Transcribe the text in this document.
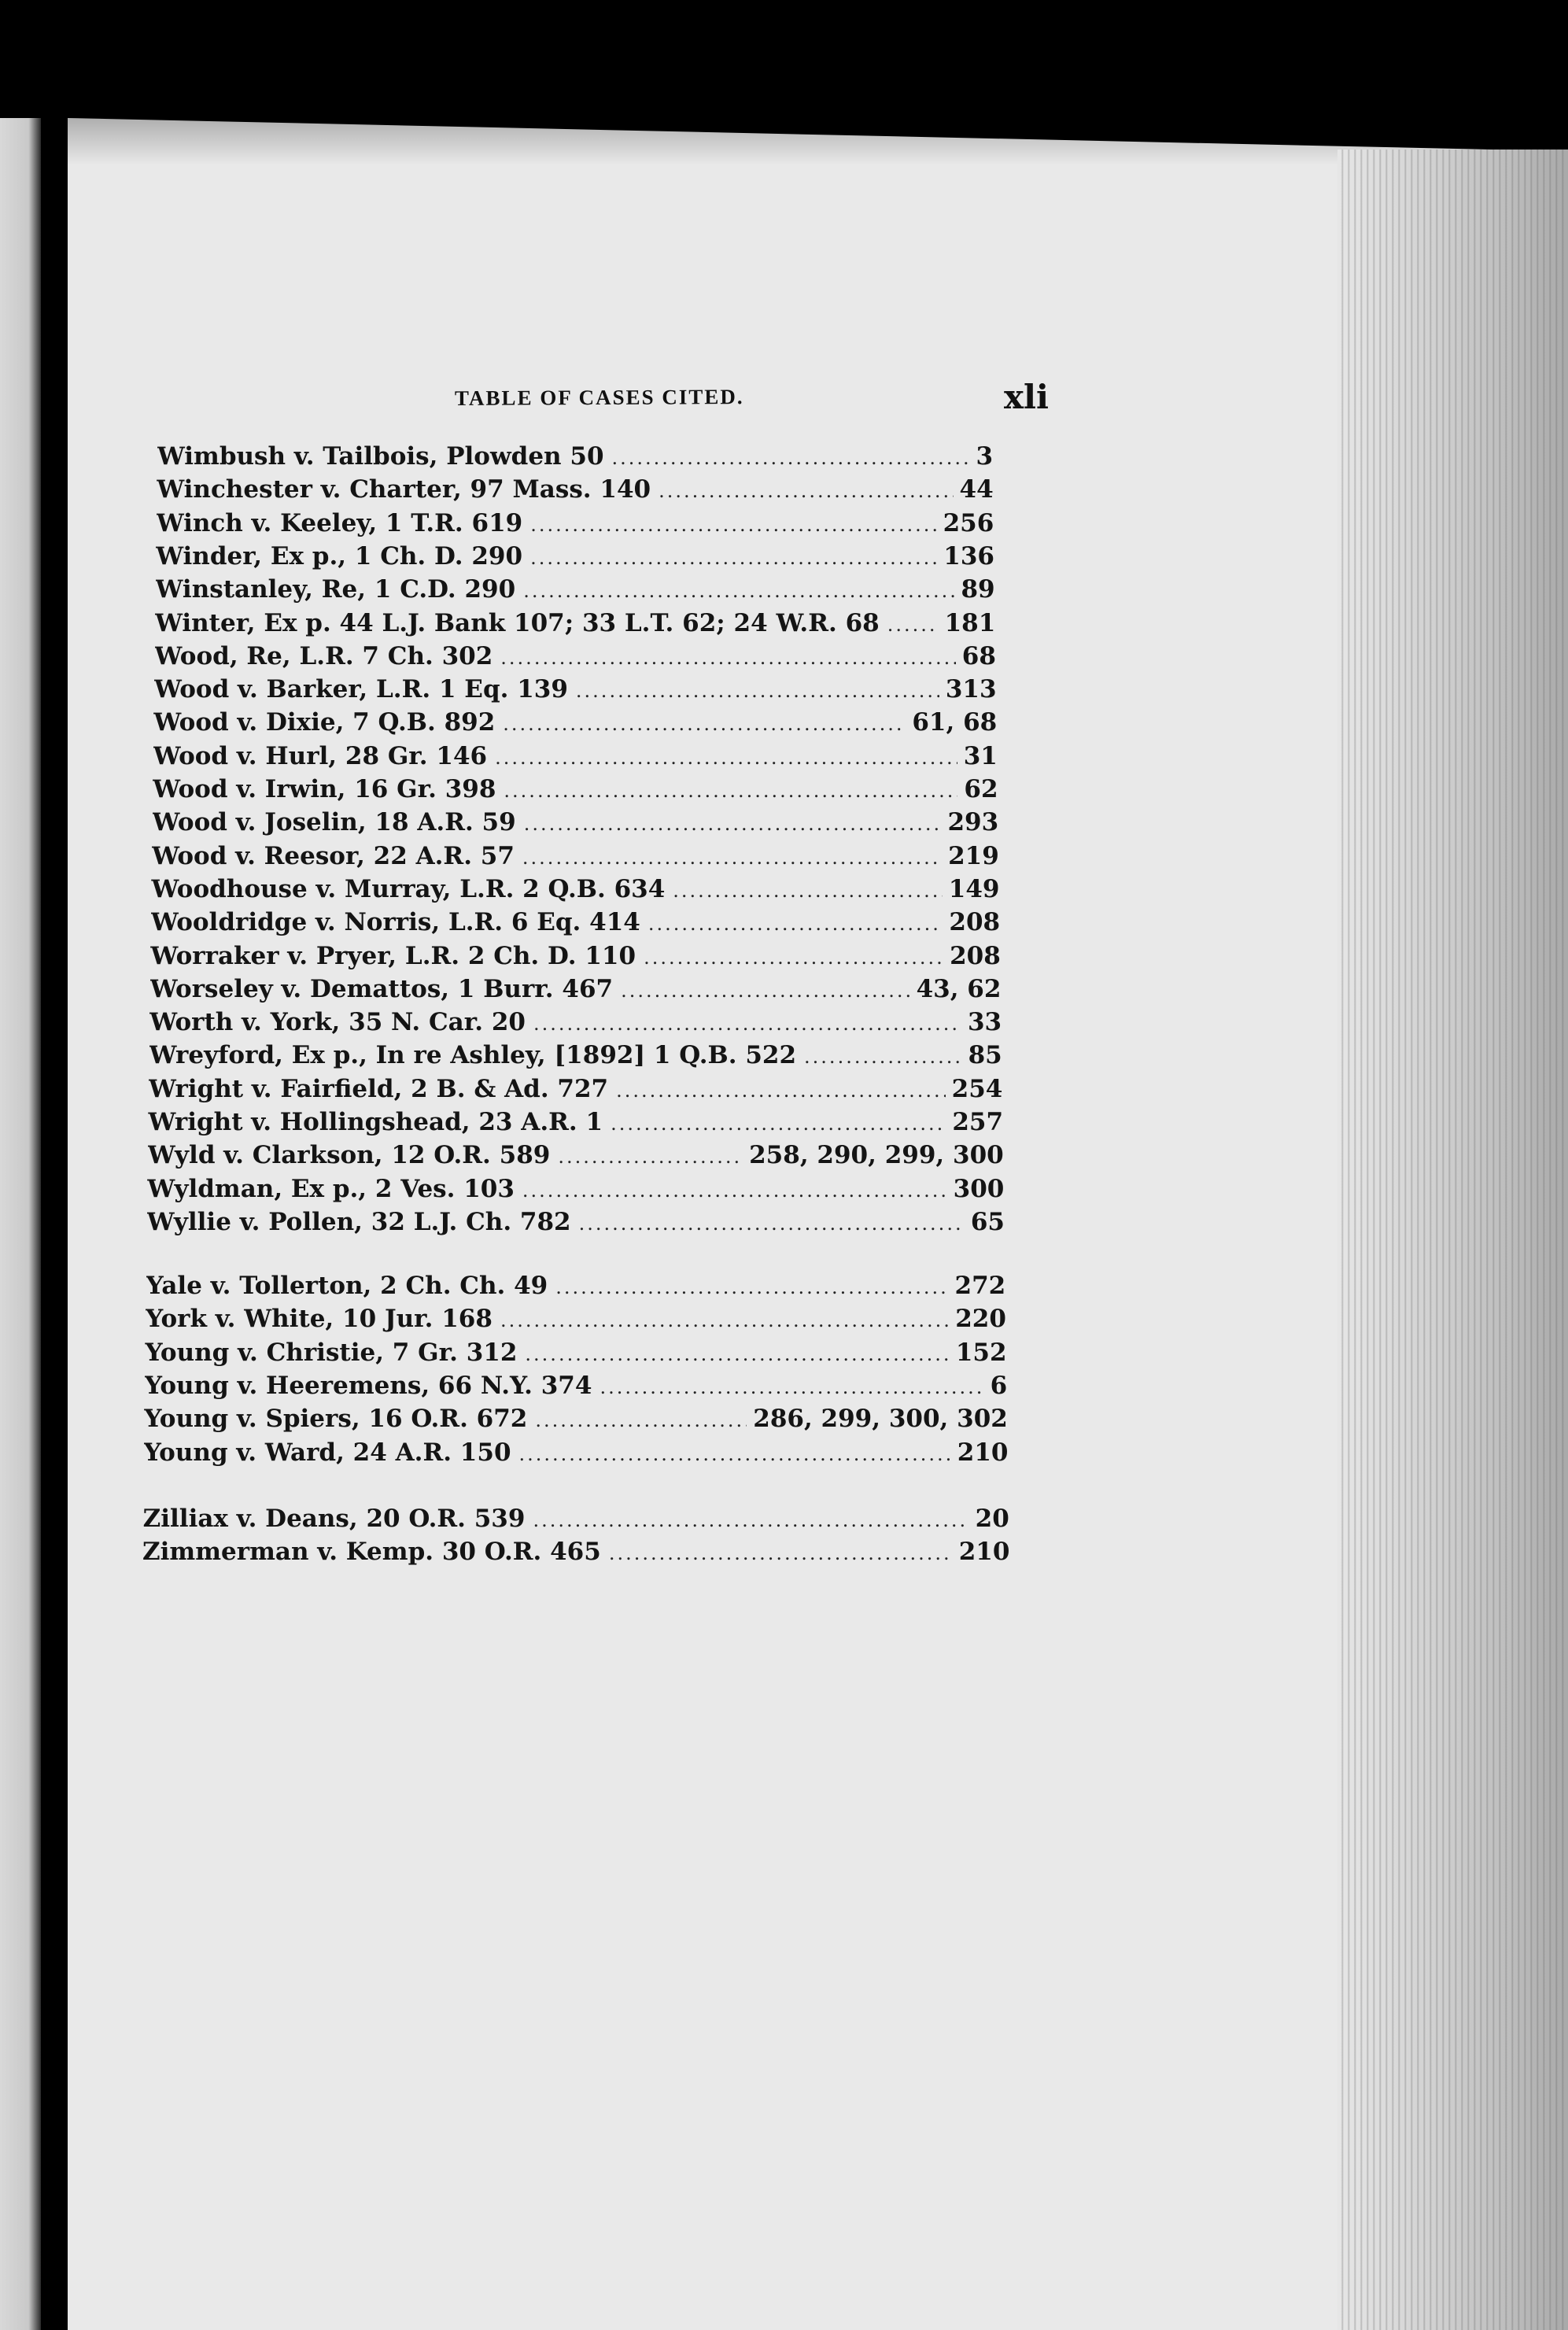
TABLE OF CASES CITED.	xli
Wimbush v. Tailbois, Plowden 50 .....	3
Winchester v. Charter, 97 Mass. 140 .....	44
Winch v. Keeley, 1 T.R. 619 .....	256
Winder, Ex p., 1 Ch. D. 290 .....	136
Winstanley, Re, 1 C.D. 290 .....	89
Winter, Ex p. 44 L.J. Bank 107; 33 L.T. 62; 24 W.R. 68 .....	181
Wood, Re, L.R. 7 Ch. 302 .....	68
Wood v. Barker, L.R. 1 Eq. 139 .....	313
Wood v. Dixie, 7 Q.B. 892 .....	61, 68
Wood v. Hurl, 28 Gr. 146 .....	31
Wood v. Irwin, 16 Gr. 398 .....	62
Wood v. Joselin, 18 A.R. 59 .....	293
Wood v. Reesor, 22 A.R. 57 .....	219
Woodhouse v. Murray, L.R. 2 Q.B. 634 .....	149
Wooldridge v. Norris, L.R. 6 Eq. 414 .....	208
Worraker v. Pryer, L.R. 2 Ch. D. 110 .....	208
Worseley v. Demattos, 1 Burr. 467 .....	43, 62
Worth v. York, 35 N. Car. 20 .....	33
Wreyford, Ex p., In re Ashley, [1892] 1 Q.B. 522 .....	85
Wright v. Fairfield, 2 B. & Ad. 727 .....	254
Wright v. Hollingshead, 23 A.R. 1 .....	257
Wyld v. Clarkson, 12 O.R. 589 .....	258, 290, 299, 300
Wyldman, Ex p., 2 Ves. 103 .....	300
Wyllie v. Pollen, 32 L.J. Ch. 782 .....	65
Yale v. Tollerton, 2 Ch. Ch. 49 .....	272
York v. White, 10 Jur. 168 .....	220
Young v. Christie, 7 Gr. 312 .....	152
Young v. Heeremens, 66 N.Y. 374 .....	6
Young v. Spiers, 16 O.R. 672 .....	286, 299, 300, 302
Young v. Ward, 24 A.R. 150 .....	210
Zilliax v. Deans, 20 O.R. 539 .....	20
Zimmerman v. Kemp. 30 O.R. 465 .....	210
